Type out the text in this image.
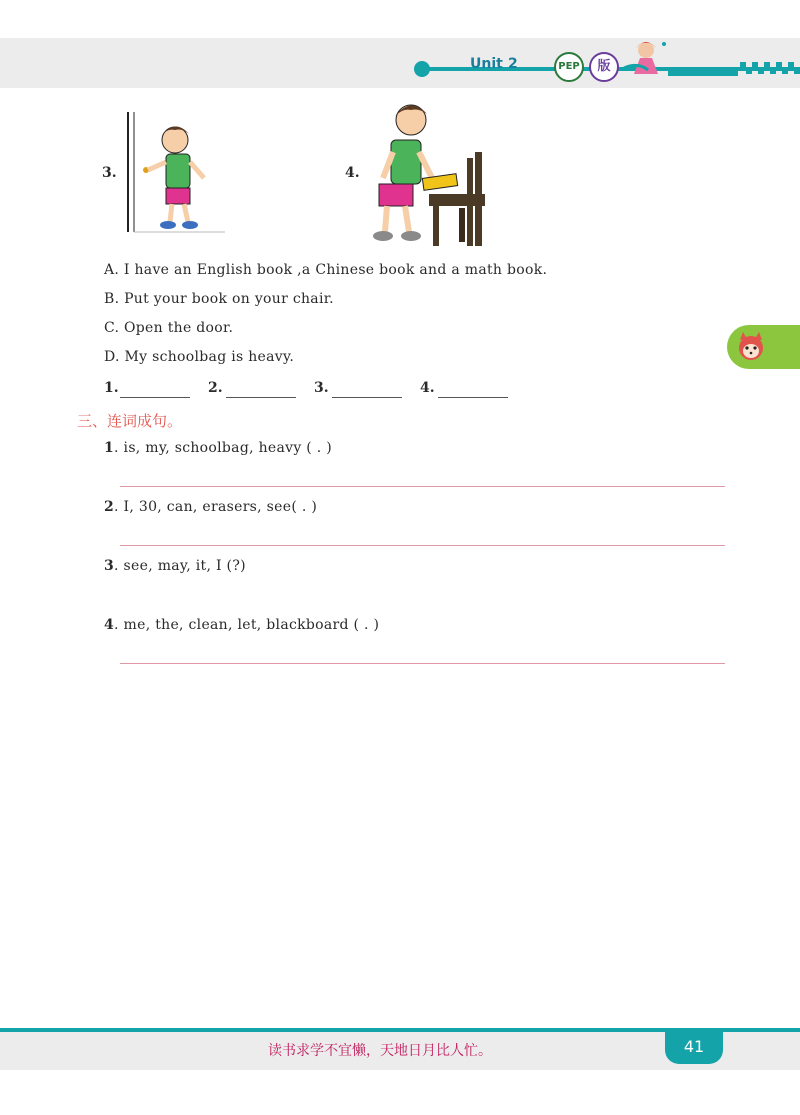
Unit 2	PEP	版
3.	4.
A. I have an English book ,a Chinese book and a math book.
B. Put your book on your chair.
C. Open the door.
D. My schoolbag is heavy.
1.	2.	3.	4.
三、连词成句。
1. is, my, schoolbag, heavy ( . )
2. I, 30, can, erasers, see( . )
3. see, may, it, I (?)
4. me, the, clean, let, blackboard ( . )
读书求学不宜懒，天地日月比人忙。	41
